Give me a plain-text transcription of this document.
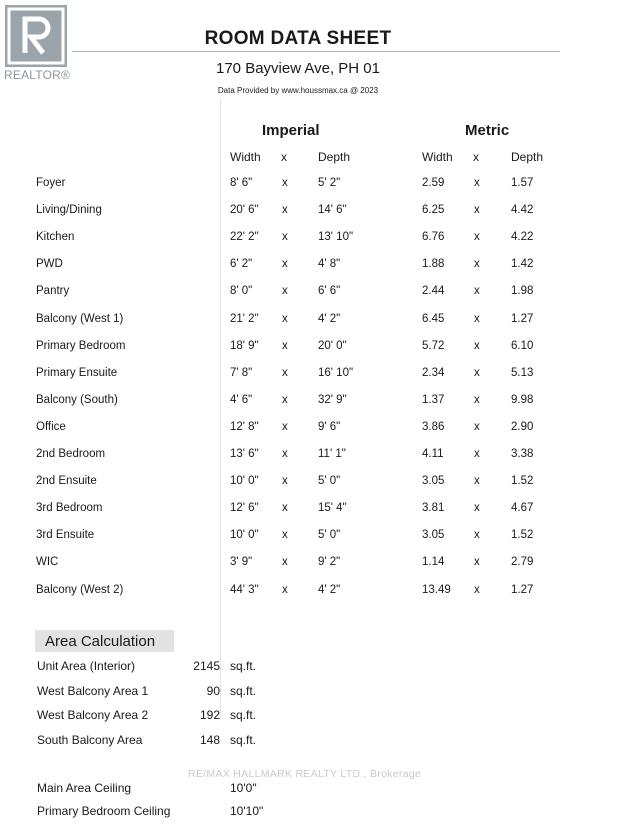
REALTOR®
ROOM DATA SHEET
170 Bayview Ave, PH 01
Data Provided by www.houssmax.ca @ 2023
Imperial	Metric
Width x	Depth	Width x	Depth
Foyer	8' 6"	x	5' 2"	2.59	x	1.57
Living/Dining	20' 6" x	14' 6"	6.25	x	4.42
Kitchen	22' 2" x	13' 10"	6.76	x	4.22
PWD	6' 2"	x	4' 8"	1.88	x	1.42
Pantry	8' 0"	x	6' 6"	2.44	x	1.98
Balcony (West 1)	21' 2" x	4' 2"	6.45	x	1.27
Primary Bedroom	18' 9" x	20' 0"	5.72	x	6.10
Primary Ensuite	7' 8"	x	16' 10"	2.34	x	5.13
Balcony (South)	4' 6"	x	32' 9"	1.37	x	9.98
Office	12' 8" x	9' 6"	3.86	x	2.90
2nd Bedroom	13' 6" x	11' 1"	4.11	x	3.38
2nd Ensuite	10' 0" x	5' 0"	3.05	x	1.52
3rd Bedroom	12' 6" x	15' 4"	3.81	x	4.67
3rd Ensuite	10' 0" x	5' 0"	3.05	x	1.52
WIC	3' 9"	x	9' 2"	1.14	x	2.79
Balcony (West 2)	44' 3" x	4' 2"	13.49 x	1.27
Area Calculation
Unit Area (Interior)	2145 sq.ft.
West Balcony Area 1	90 sq.ft.
West Balcony Area 2	192 sq.ft.
South Balcony Area	148 sq.ft.
Main Area Ceiling	10'0"
Primary Bedroom Ceiling	10'10"
RE/MAX HALLMARK REALTY LTD., Brokerage
